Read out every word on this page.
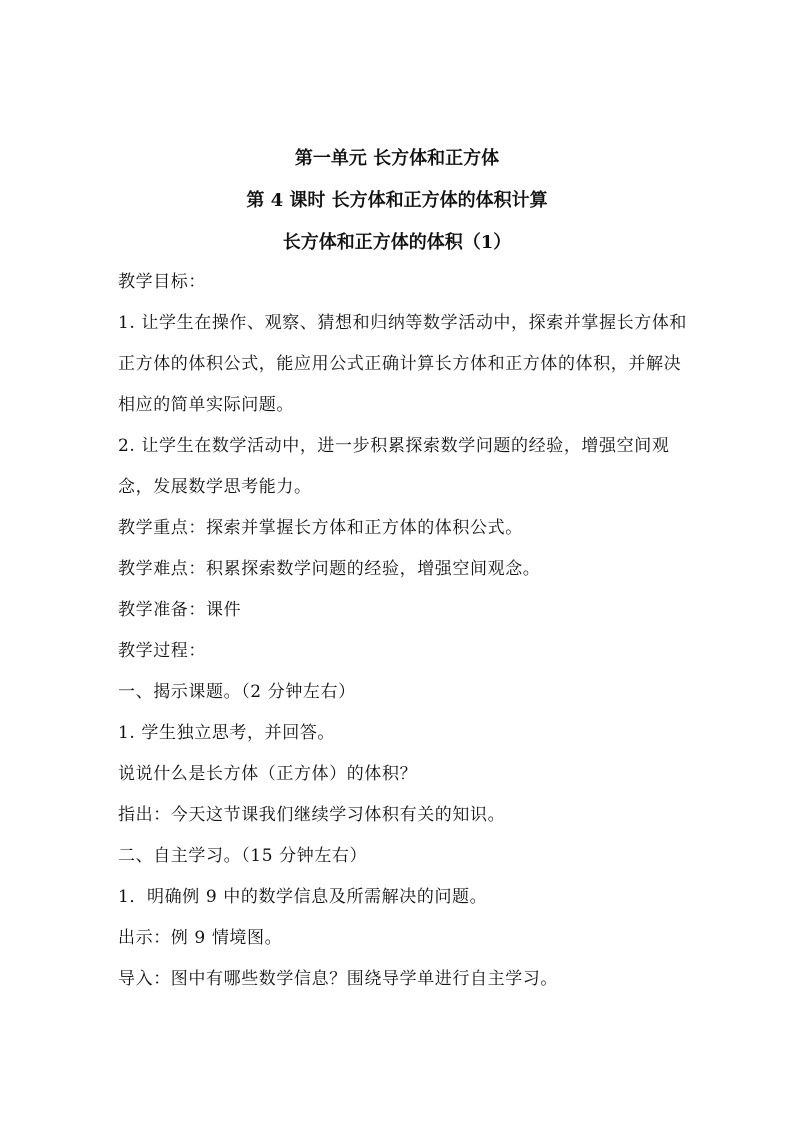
第一单元 长方体和正方体
第 4 课时 长方体和正方体的体积计算
长方体和正方体的体积（1）

教学目标：

1. 让学生在操作、观察、猜想和归纳等数学活动中，探索并掌握长方体和正方体的体积公式，能应用公式正确计算长方体和正方体的体积，并解决相应的简单实际问题。

2. 让学生在数学活动中，进一步积累探索数学问题的经验，增强空间观念，发展数学思考能力。

教学重点：探索并掌握长方体和正方体的体积公式。

教学难点：积累探索数学问题的经验，增强空间观念。

教学准备：课件

教学过程：

一、揭示课题。（2 分钟左右）

1. 学生独立思考，并回答。

说说什么是长方体（正方体）的体积？

指出：今天这节课我们继续学习体积有关的知识。

二、自主学习。（15 分钟左右）

1．明确例 9 中的数学信息及所需解决的问题。

出示：例 9 情境图。

导入：图中有哪些数学信息？围绕导学单进行自主学习。
